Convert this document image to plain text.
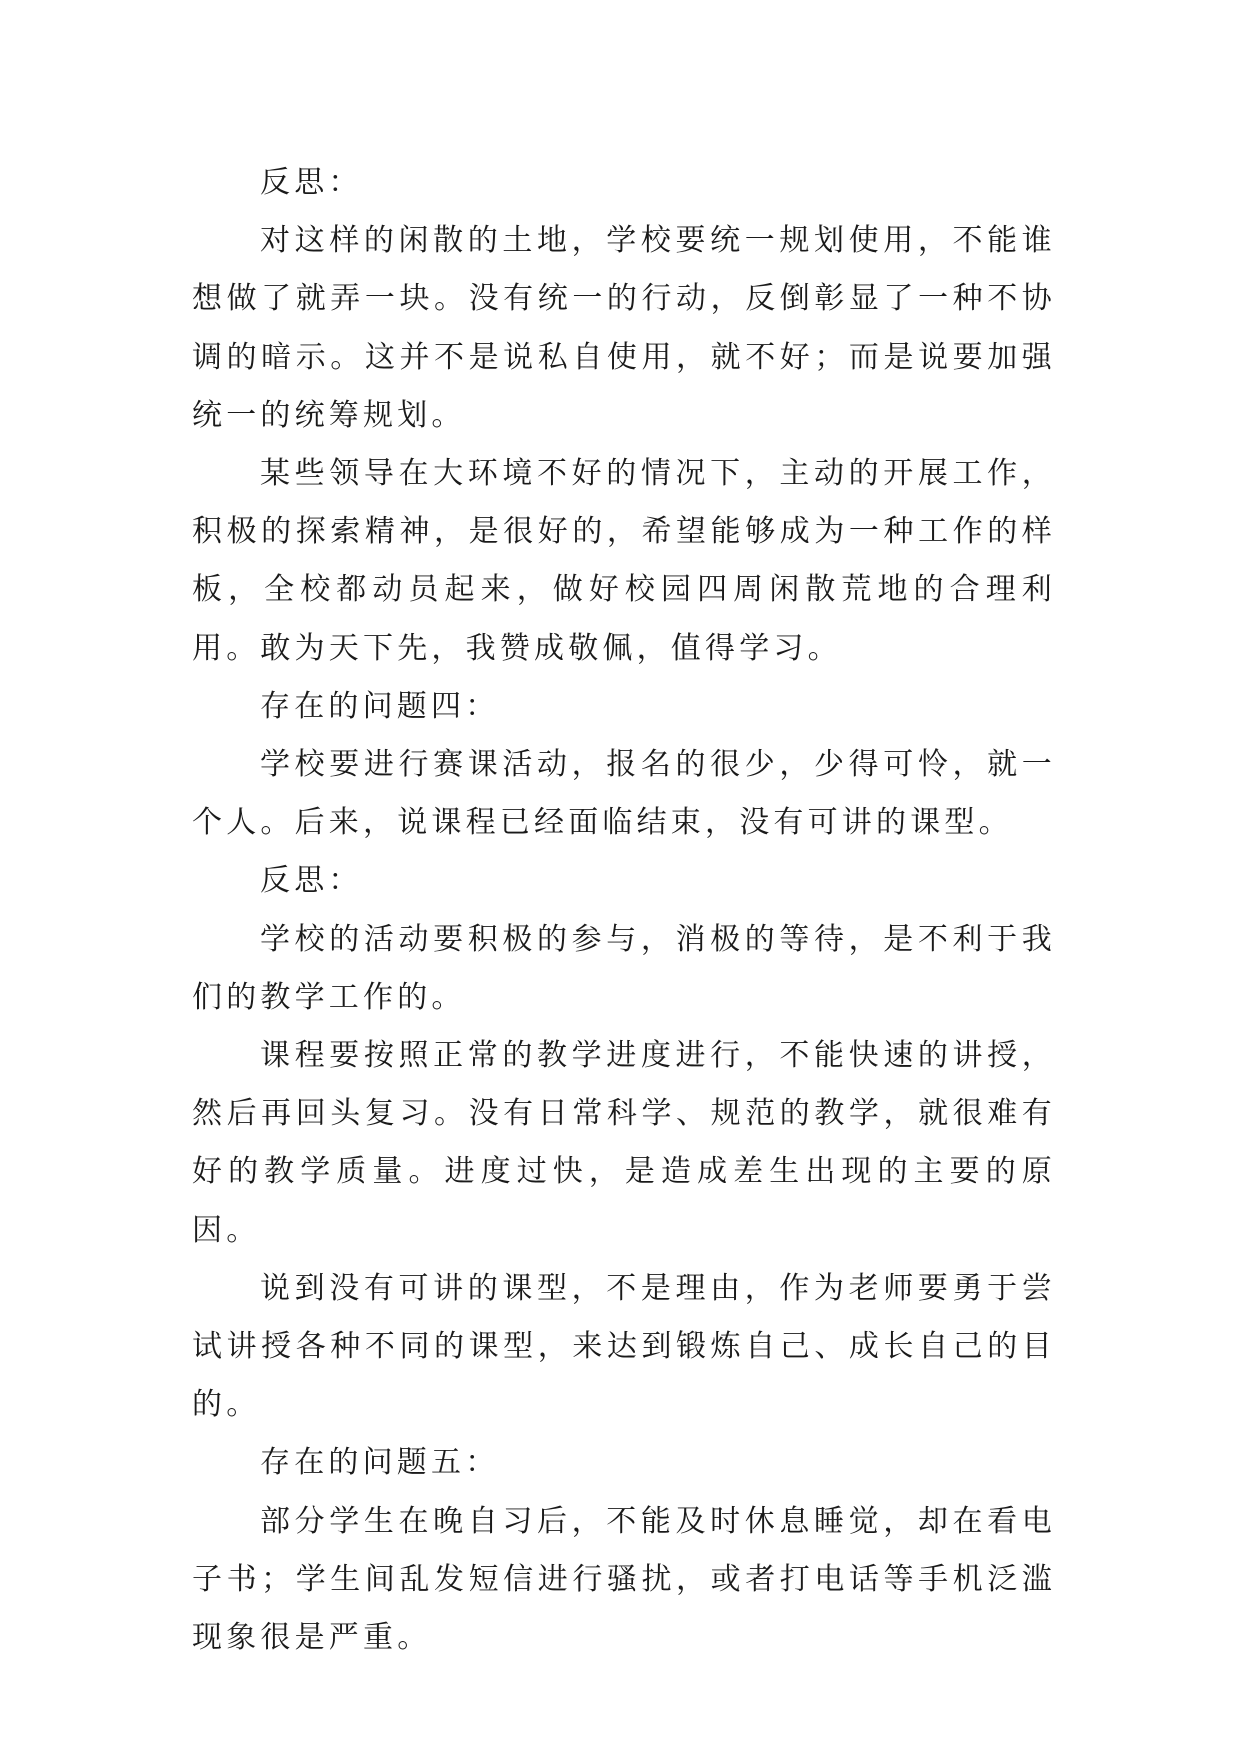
反思：

对这样的闲散的土地，学校要统一规划使用，不能谁想做了就弄一块。没有统一的行动，反倒彰显了一种不协调的暗示。这并不是说私自使用，就不好；而是说要加强统一的统筹规划。

某些领导在大环境不好的情况下，主动的开展工作，积极的探索精神，是很好的，希望能够成为一种工作的样板，全校都动员起来，做好校园四周闲散荒地的合理利用。敢为天下先，我赞成敬佩，值得学习。

存在的问题四：

学校要进行赛课活动，报名的很少，少得可怜，就一个人。后来，说课程已经面临结束，没有可讲的课型。

反思：

学校的活动要积极的参与，消极的等待，是不利于我们的教学工作的。

课程要按照正常的教学进度进行，不能快速的讲授，然后再回头复习。没有日常科学、规范的教学，就很难有好的教学质量。进度过快，是造成差生出现的主要的原因。

说到没有可讲的课型，不是理由，作为老师要勇于尝试讲授各种不同的课型，来达到锻炼自己、成长自己的目的。

存在的问题五：

部分学生在晚自习后，不能及时休息睡觉，却在看电子书；学生间乱发短信进行骚扰，或者打电话等手机泛滥现象很是严重。
